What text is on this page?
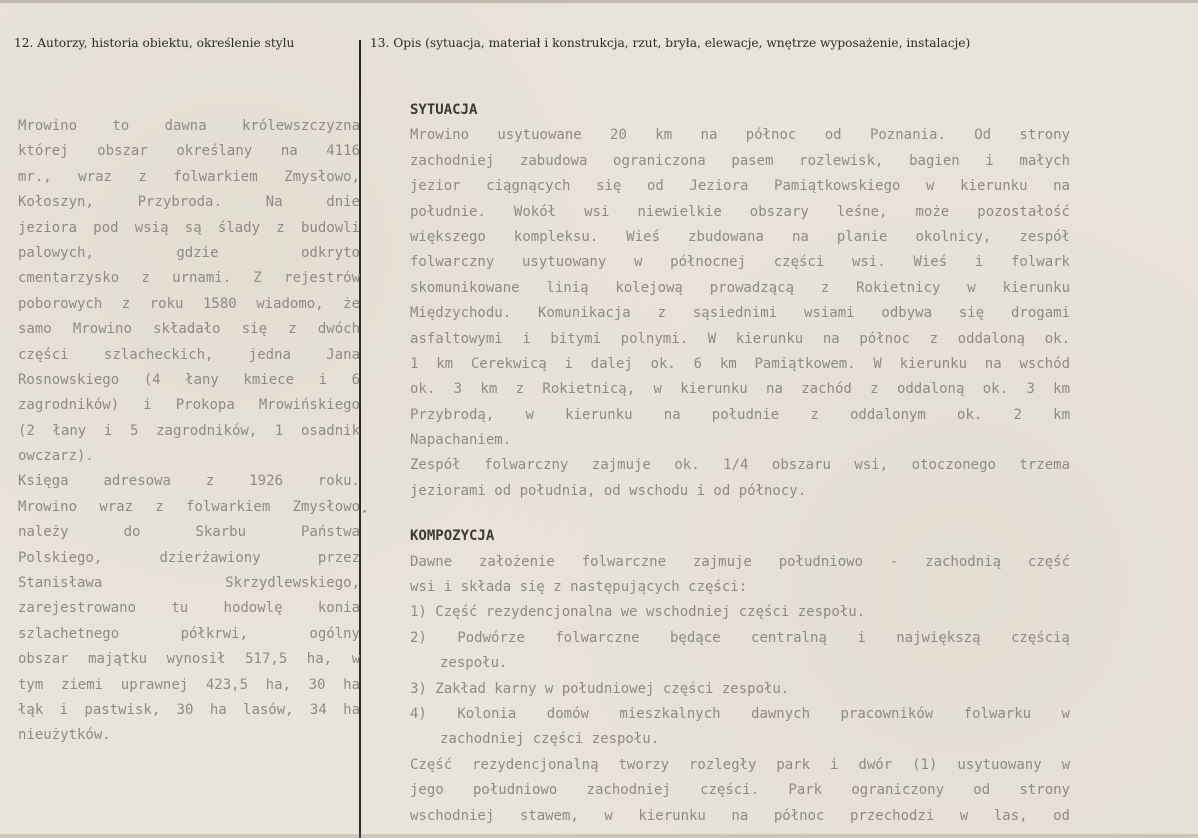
12. Autorzy, historia obiektu, określenie stylu	13. Opis (sytuacja, materiał i konstrukcja, rzut, bryła, elewacje, wnętrze wyposażenie, instalacje)
˄
Mrowino to dawna królewszczyzna
której obszar określany na 4116
mr., wraz z folwarkiem Zmysłowo,
Kołoszyn, Przybroda. Na dnie
jeziora pod wsią są ślady z budowli
palowych, gdzie odkryto
cmentarzysko z urnami. Z rejestrów
poborowych z roku 1580 wiadomo, że
samo Mrowino składało się z dwóch
części szlacheckich, jedna Jana
Rosnowskiego (4 łany kmiece i 6
zagrodników) i Prokopa Mrowińskiego
(2 łany i 5 zagrodników, 1 osadnik
owczarz).
Księga adresowa z 1926 roku.
Mrowino wraz z folwarkiem Zmysłowo
należy do Skarbu Państwa
Polskiego, dzierżawiony przez
Stanisława Skrzydlewskiego,
zarejestrowano tu hodowlę konia
szlachetnego półkrwi, ogólny
obszar majątku wynosił 517,5 ha, w
tym ziemi uprawnej 423,5 ha, 30 ha
łąk i pastwisk, 30 ha lasów, 34 ha
nieużytków.
SYTUACJA
Mrowino usytuowane 20 km na północ od Poznania. Od strony
zachodniej zabudowa ograniczona pasem rozlewisk, bagien i małych
jezior ciągnących się od Jeziora Pamiątkowskiego w kierunku na
południe. Wokół wsi niewielkie obszary leśne, może pozostałość
większego kompleksu. Wieś zbudowana na planie okolnicy, zespół
folwarczny usytuowany w północnej części wsi. Wieś i folwark
skomunikowane linią kolejową prowadzącą z Rokietnicy w kierunku
Międzychodu. Komunikacja z sąsiednimi wsiami odbywa się drogami
asfaltowymi i bitymi polnymi. W kierunku na północ z oddaloną ok.
1 km Cerekwicą i dalej ok. 6 km Pamiątkowem. W kierunku na wschód
ok. 3 km z Rokietnicą, w kierunku na zachód z oddaloną ok. 3 km
Przybrodą, w kierunku na południe z oddalonym ok. 2 km
Napachaniem.
Zespół folwarczny zajmuje ok. 1/4 obszaru wsi, otoczonego trzema
jeziorami od południa, od wschodu i od północy.
KOMPOZYCJA
Dawne założenie folwarczne zajmuje południowo - zachodnią część
wsi i składa się z następujących części:
1) Część rezydencjonalna we wschodniej części zespołu.
2) Podwórze folwarczne będące centralną i największą częścią
zespołu.
3) Zakład karny w południowej części zespołu.
4) Kolonia domów mieszkalnych dawnych pracowników folwarku w
zachodniej części zespołu.
Część rezydencjonalną tworzy rozległy park i dwór (1) usytuowany w
jego południowo zachodniej części. Park ograniczony od strony
wschodniej stawem, w kierunku na północ przechodzi w las, od
